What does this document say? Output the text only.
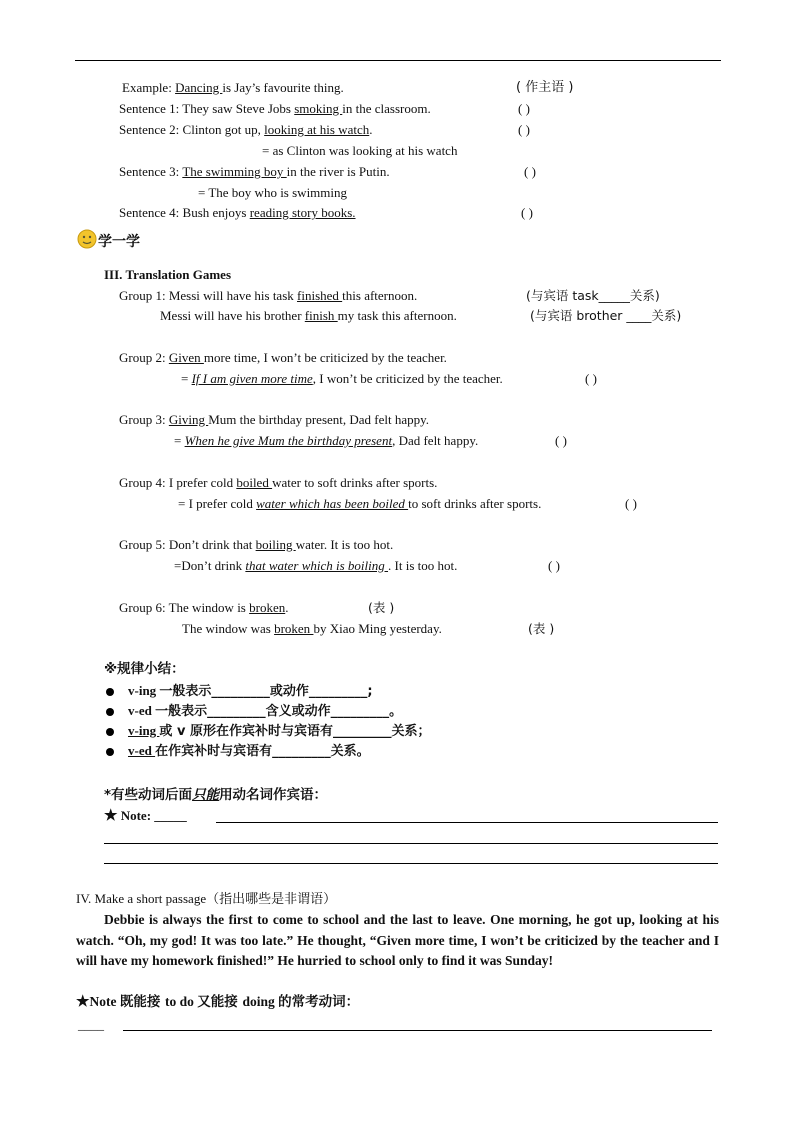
Example: Dancing is Jay’s favourite thing.	( 作主语 )
Sentence 1: They saw Steve Jobs smoking in the classroom.	( )
Sentence 2: Clinton got up, looking at his watch.	( )
= as Clinton was looking at his watch
Sentence 3: The swimming boy in the river is Putin.	( )
= The boy who is swimming
Sentence 4: Bush enjoys reading story books.	( )
学一学
III. Translation Games
Group 1: Messi will have his task finished this afternoon.	(与宾语 task_____关系)
Messi will have his brother finish my task this afternoon.	(与宾语 brother ____关系)
Group 2: Given more time, I won’t be criticized by the teacher.
= If I am given more time, I won’t be criticized by the teacher.	( )
Group 3: Giving Mum the birthday present, Dad felt happy.
= When he give Mum the birthday present, Dad felt happy.	( )
Group 4: I prefer cold boiled water to soft drinks after sports.
= I prefer cold water which has been boiled to soft drinks after sports.	( )
Group 5: Don’t drink that boiling water. It is too hot.
=Don’t drink that water which is boiling . It is too hot.	( )
Group 6: The window is broken.	(表 )
The window was broken by Xiao Ming yesterday.	(表 )
※规律小结：
v-ing 一般表示_________或动作_________;
v-ed 一般表示_________含义或动作_________。
v-ing 或 v 原形在作宾补时与宾语有_________关系；
v-ed 在作宾补时与宾语有_________关系。
*有些动词后面只能用动名词作宾语：
★ Note: _____
IV. Make a short passage（指出哪些是非谓语）
Debbie is always the first to come to school and the last to leave. One morning, he got up, looking at his watch. “Oh, my god! It was too late.” He thought, “Given more time, I won’t be criticized by the teacher and I will have my homework finished!” He hurried to school only to find it was Sunday!
★Note 既能接 to do 又能接 doing 的常考动词：
____
